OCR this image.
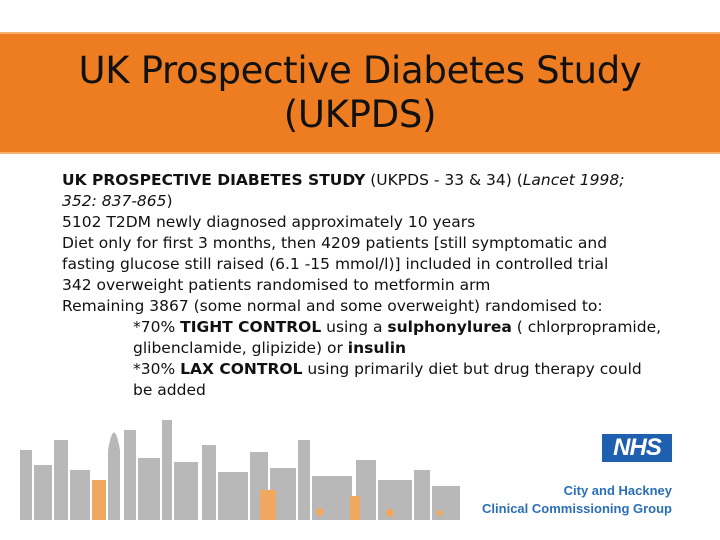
UK Prospective Diabetes Study
(UKPDS)

UK PROSPECTIVE DIABETES STUDY (UKPDS - 33 & 34) (Lancet 1998; 352: 837-865)

5102 T2DM newly diagnosed approximately 10 years

Diet only for first 3 months, then 4209 patients [still symptomatic and fasting glucose still raised (6.1 -15 mmol/l)] included in controlled trial

342 overweight patients randomised to metformin arm

Remaining 3867 (some normal and some overweight) randomised to:

*70% TIGHT CONTROL using a sulphonylurea ( chlorpropramide, glibenclamide, glipizide) or insulin

*30% LAX CONTROL using primarily diet but drug therapy could be added

NHS
City and Hackney
Clinical Commissioning Group
